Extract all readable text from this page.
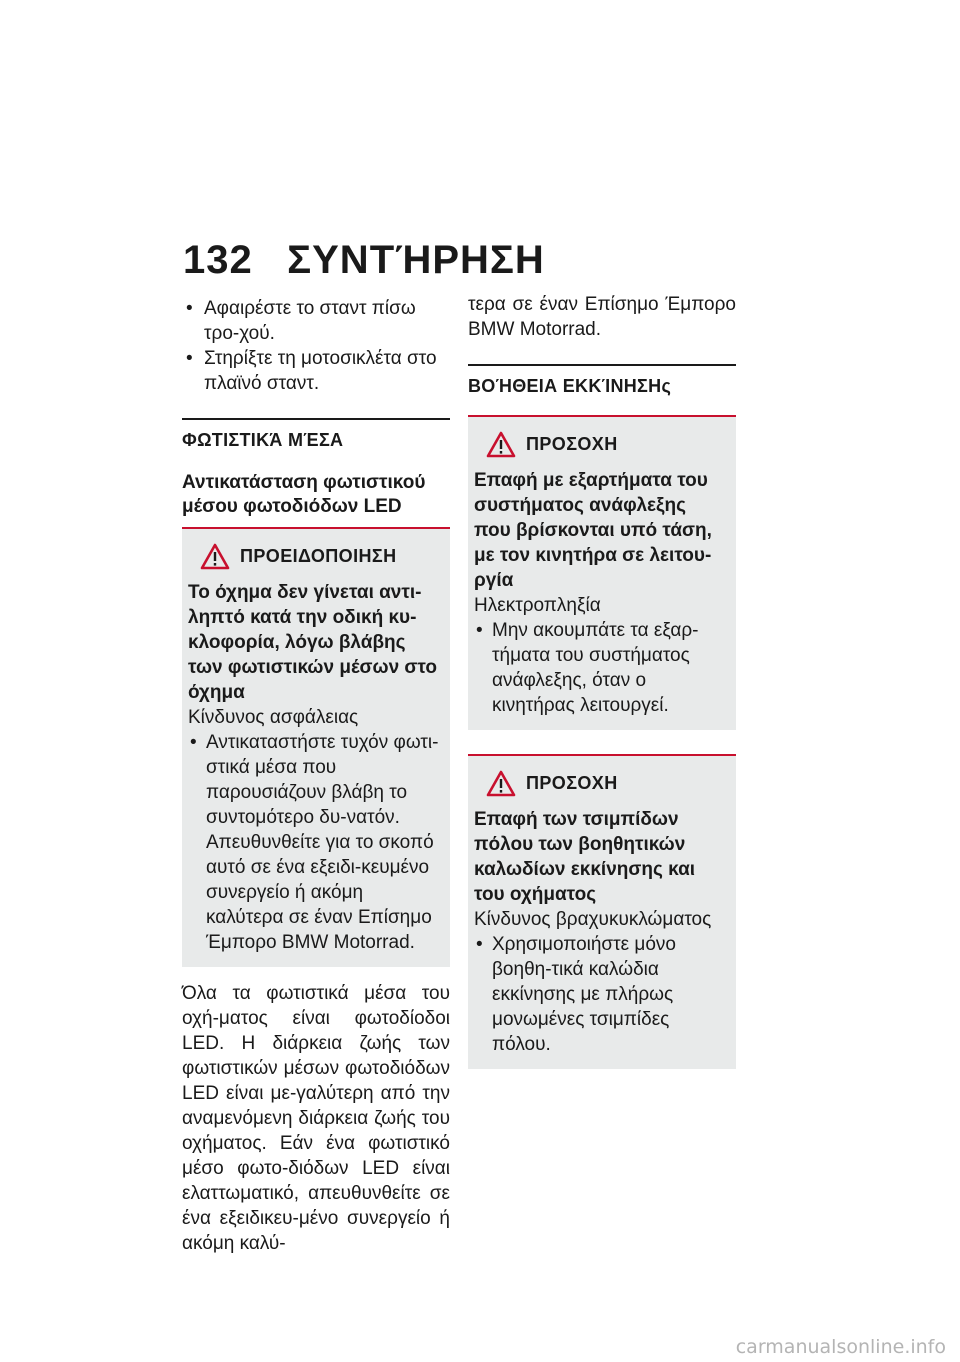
132 ΣΥΝΤΉΡΗΣΗ
• Αφαιρέστε το σταντ πίσω τρο-χού.
• Στηρίξτε τη μοτοσικλέτα στο πλαϊνό σταντ.
ΦΩΤΙΣΤΙΚΆ ΜΈΣΑ
Αντικατάσταση φωτιστικού μέσου φωτοδιόδων LED
ΠΡΟΕΙΔΟΠΟΙΗΣΗ
Το όχημα δεν γίνεται αντι-ληπτό κατά την οδική κυ-κλοφορία, λόγω βλάβης των φωτιστικών μέσων στο όχημα
Κίνδυνος ασφάλειας
• Αντικαταστήστε τυχόν φωτι-στικά μέσα που παρουσιάζουν βλάβη το συντομότερο δυ-νατόν. Απευθυνθείτε για το σκοπό αυτό σε ένα εξειδι-κευμένο συνεργείο ή ακόμη καλύτερα σε έναν Επίσημο Έμπορο BMW Motorrad.
Όλα τα φωτιστικά μέσα του οχή-ματος είναι φωτοδίοδοι LED. Η διάρκεια ζωής των φωτιστικών μέσων φωτοδιόδων LED είναι με-γαλύτερη από την αναμενόμενη διάρκεια ζωής του οχήματος. Εάν ένα φωτιστικό μέσο φωτο-διόδων LED είναι ελαττωματικό, απευθυνθείτε σε ένα εξειδικευ-μένο συνεργείο ή ακόμη καλύ-
τερα σε έναν Επίσημο Έμπορο BMW Motorrad.
ΒΟΉΘΕΙΑ ΕΚΚΊΝΗΣΗς
ΠΡΟΣΟΧΗ
Επαφή με εξαρτήματα του συστήματος ανάφλεξης που βρίσκονται υπό τάση, με τον κινητήρα σε λειτου-ργία
Ηλεκτροπληξία
• Μην ακουμπάτε τα εξαρ-τήματα του συστήματος ανάφλεξης, όταν ο κινητήρας λειτουργεί.
ΠΡΟΣΟΧΗ
Επαφή των τσιμπίδων πόλου των βοηθητικών καλωδίων εκκίνησης και του οχήματος
Κίνδυνος βραχυκυκλώματος
• Χρησιμοποιήστε μόνο βοηθη-τικά καλώδια εκκίνησης με πλήρως μονωμένες τσιμπίδες πόλου.
carmanualsonline.info
